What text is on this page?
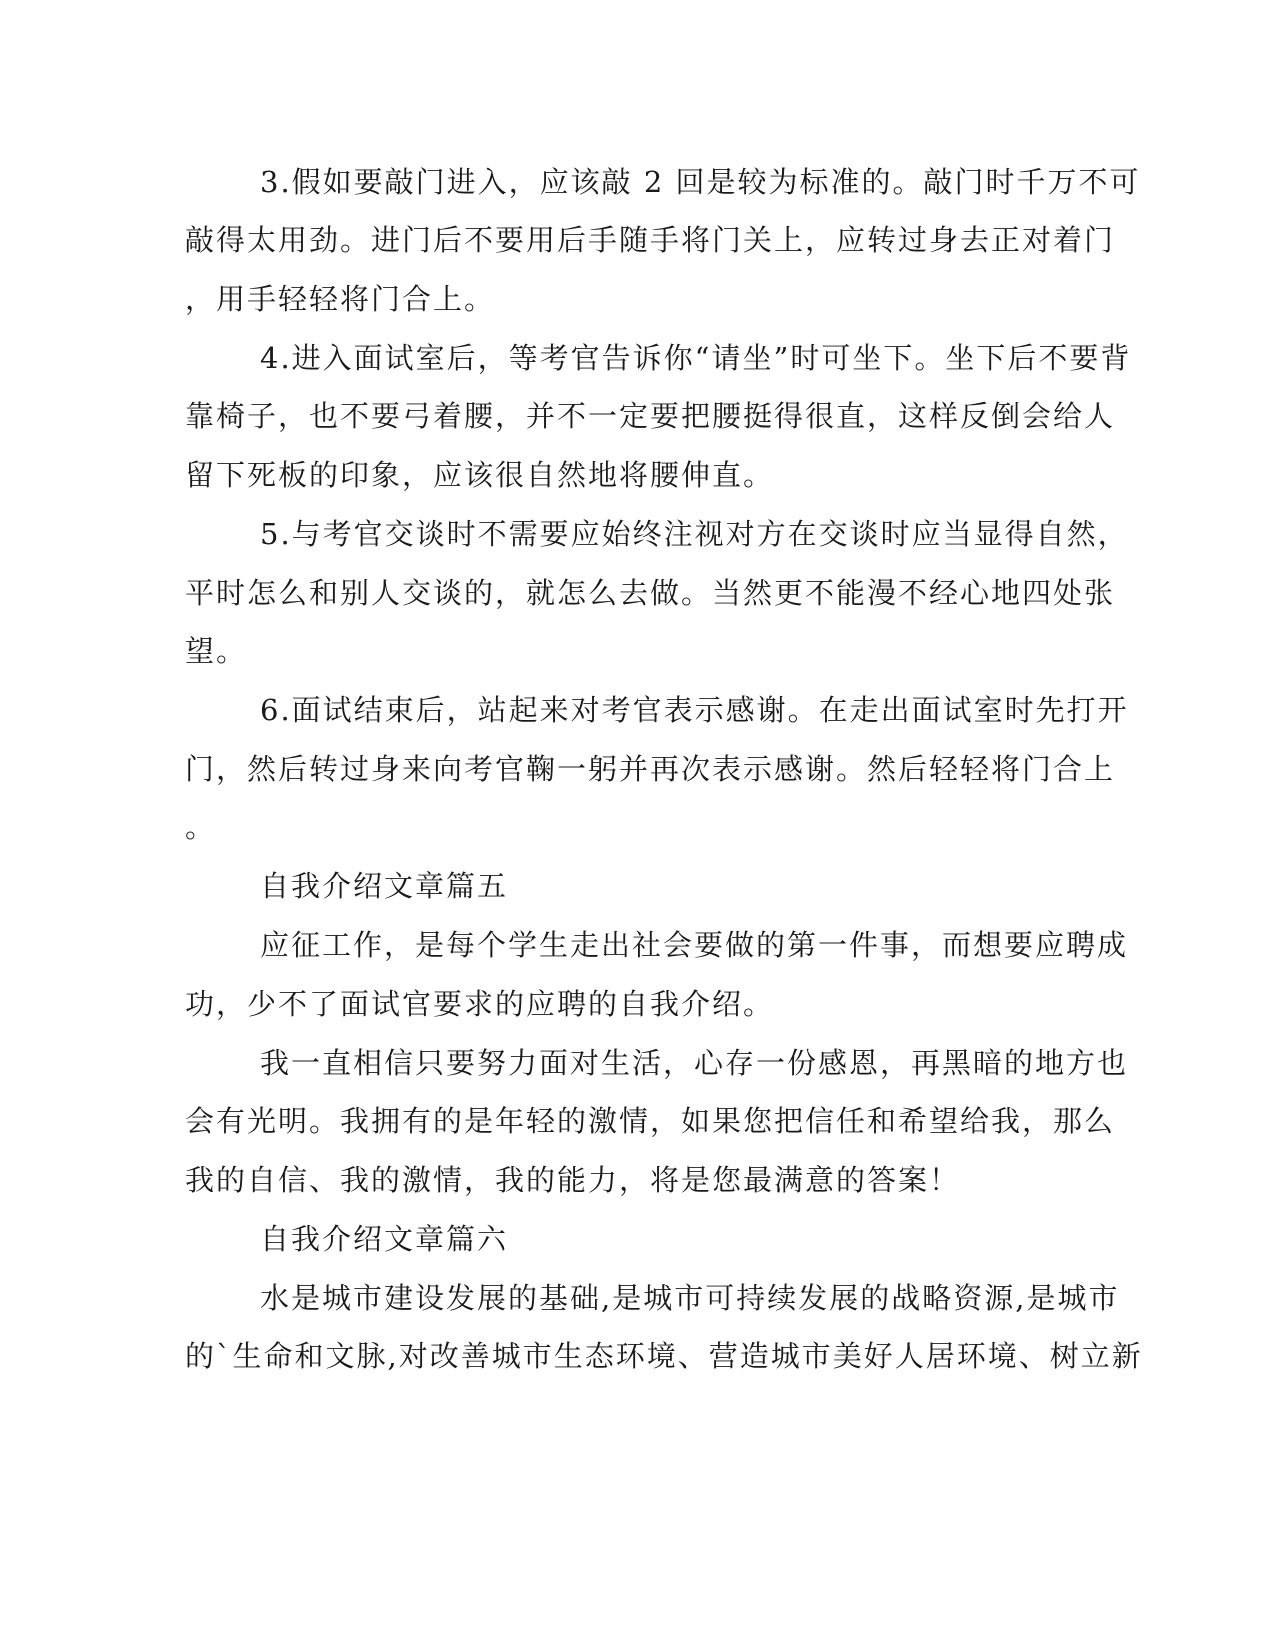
3.假如要敲门进入，应该敲 2 回是较为标准的。敲门时千万不可
敲得太用劲。进门后不要用后手随手将门关上，应转过身去正对着门
，用手轻轻将门合上。
4.进入面试室后，等考官告诉你“请坐”时可坐下。坐下后不要背
靠椅子，也不要弓着腰，并不一定要把腰挺得很直，这样反倒会给人
留下死板的印象，应该很自然地将腰伸直。
5.与考官交谈时不需要应始终注视对方在交谈时应当显得自然，
平时怎么和别人交谈的，就怎么去做。当然更不能漫不经心地四处张
望。
6.面试结束后，站起来对考官表示感谢。在走出面试室时先打开
门，然后转过身来向考官鞠一躬并再次表示感谢。然后轻轻将门合上
。
自我介绍文章篇五
应征工作，是每个学生走出社会要做的第一件事，而想要应聘成
功，少不了面试官要求的应聘的自我介绍。
我一直相信只要努力面对生活，心存一份感恩，再黑暗的地方也
会有光明。我拥有的是年轻的激情，如果您把信任和希望给我，那么
我的自信、我的激情，我的能力，将是您最满意的答案！
自我介绍文章篇六
水是城市建设发展的基础,是城市可持续发展的战略资源,是城市
的`生命和文脉,对改善城市生态环境、营造城市美好人居环境、树立新
